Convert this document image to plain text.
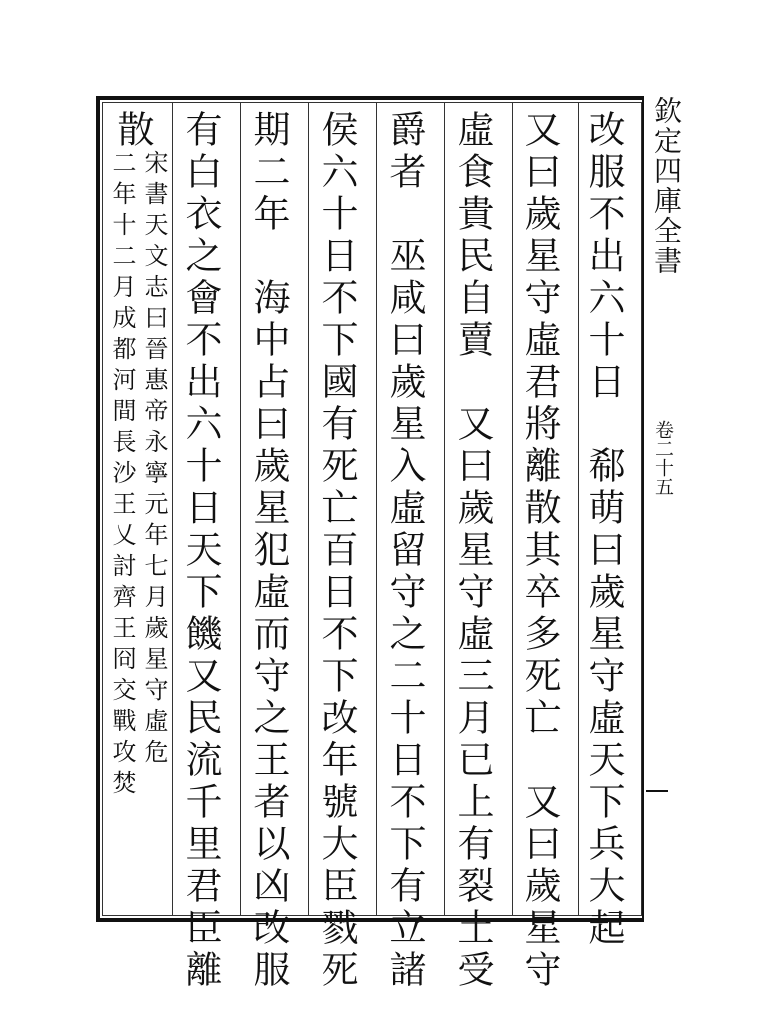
欽定四庫全書
卷二十五
改服不出六十日　郗萌曰歲星守虛天下兵大起
又曰歲星守虛君將離散其卒多死亡　又曰歲星守
虛食貴民自賣　又曰歲星守虛三月已上有裂土受
爵者　巫咸曰歲星入虛留守之二十日不下有立諸
侯六十日不下國有死亡百日不下改年號大臣戮死
期二年　海中占曰歲星犯虛而守之王者以凶改服
有白衣之會不出六十日天下饑又民流千里君臣離
散
宋書天文志曰晉惠帝永寧元年七月歲星守虛危
二年十二月成都河間長沙王乂討齊王冏交戰攻焚
